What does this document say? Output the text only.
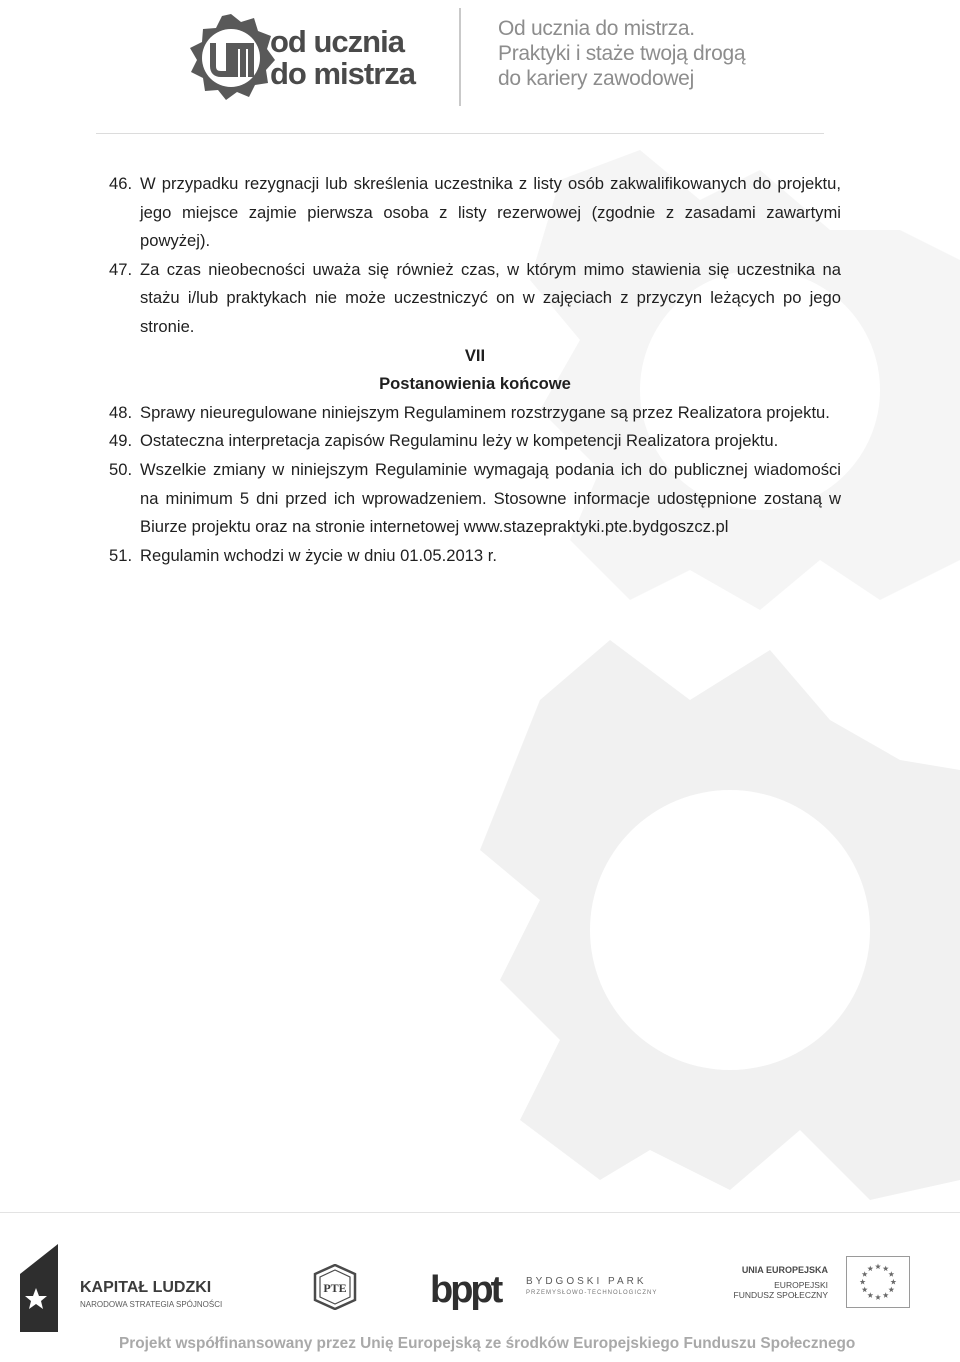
od ucznia
do mistrza
Od ucznia do mistrza.
Praktyki i staże twoją drogą
do kariery zawodowej
46. W przypadku rezygnacji lub skreślenia uczestnika z listy osób zakwalifikowanych do projektu, jego miejsce zajmie pierwsza osoba z listy rezerwowej (zgodnie z zasadami zawartymi powyżej).
47. Za czas nieobecności uważa się również czas, w którym mimo stawienia się uczestnika na stażu i/lub praktykach nie może uczestniczyć on w zajęciach z przyczyn leżących po jego stronie.
VII
Postanowienia końcowe
48. Sprawy nieuregulowane niniejszym Regulaminem rozstrzygane są przez Realizatora projektu.
49. Ostateczna interpretacja zapisów Regulaminu leży w kompetencji Realizatora projektu.
50. Wszelkie zmiany w niniejszym Regulaminie wymagają podania ich do publicznej wiadomości na minimum 5 dni przed ich wprowadzeniem. Stosowne informacje udostępnione zostaną w Biurze projektu oraz na stronie internetowej www.stazepraktyki.pte.bydgoszcz.pl
51. Regulamin wchodzi w życie w dniu 01.05.2013 r.
KAPITAŁ LUDZKI
NARODOWA STRATEGIA SPÓJNOŚCI
PTE bppt	BYDGOSKI PARK
PRZEMYSŁOWO-TECHNOLOGICZNY
UNIA EUROPEJSKA
EUROPEJSKI
FUNDUSZ SPOŁECZNY
Projekt współfinansowany przez Unię Europejską ze środków Europejskiego Funduszu Społecznego
